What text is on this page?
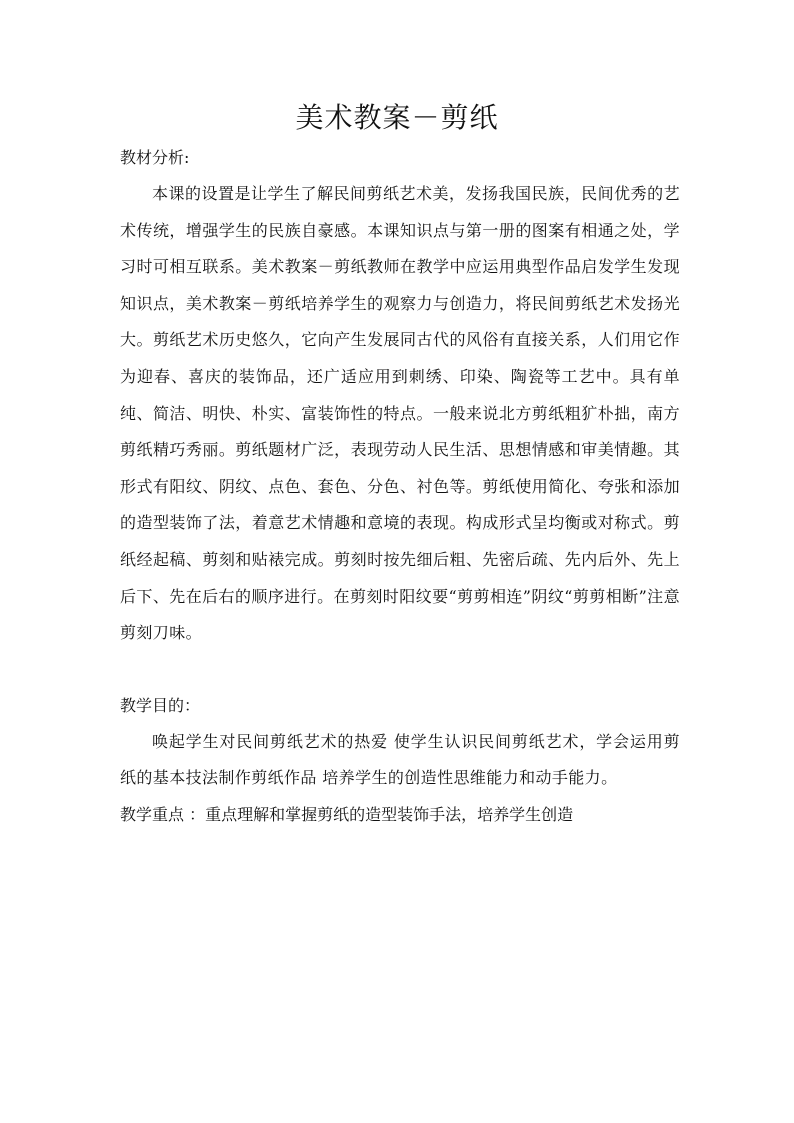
美术教案－剪纸

教材分析:

本课的设置是让学生了解民间剪纸艺术美，发扬我国民族，民间优秀的艺术传统，增强学生的民族自豪感。本课知识点与第一册的图案有相通之处，学习时可相互联系。美术教案－剪纸教师在教学中应运用典型作品启发学生发现知识点，美术教案－剪纸培养学生的观察力与创造力，将民间剪纸艺术发扬光大。剪纸艺术历史悠久，它向产生发展同古代的风俗有直接关系，人们用它作为迎春、喜庆的装饰品，还广适应用到刺绣、印染、陶瓷等工艺中。具有单纯、简洁、明快、朴实、富装饰性的特点。一般来说北方剪纸粗犷朴拙，南方剪纸精巧秀丽。剪纸题材广泛，表现劳动人民生活、思想情感和审美情趣。其形式有阳纹、阴纹、点色、套色、分色、衬色等。剪纸使用简化、夸张和添加的造型装饰了法，着意艺术情趣和意境的表现。构成形式呈均衡或对称式。剪纸经起稿、剪刻和贴裱完成。剪刻时按先细后粗、先密后疏、先内后外、先上后下、先在后右的顺序进行。在剪刻时阳纹要“剪剪相连”阴纹“剪剪相断”注意剪刻刀味。

教学目的：

唤起学生对民间剪纸艺术的热爱 使学生认识民间剪纸艺术，学会运用剪纸的基本技法制作剪纸作品 培养学生的创造性思维能力和动手能力。

教学重点 ：重点理解和掌握剪纸的造型装饰手法，培养学生创造
